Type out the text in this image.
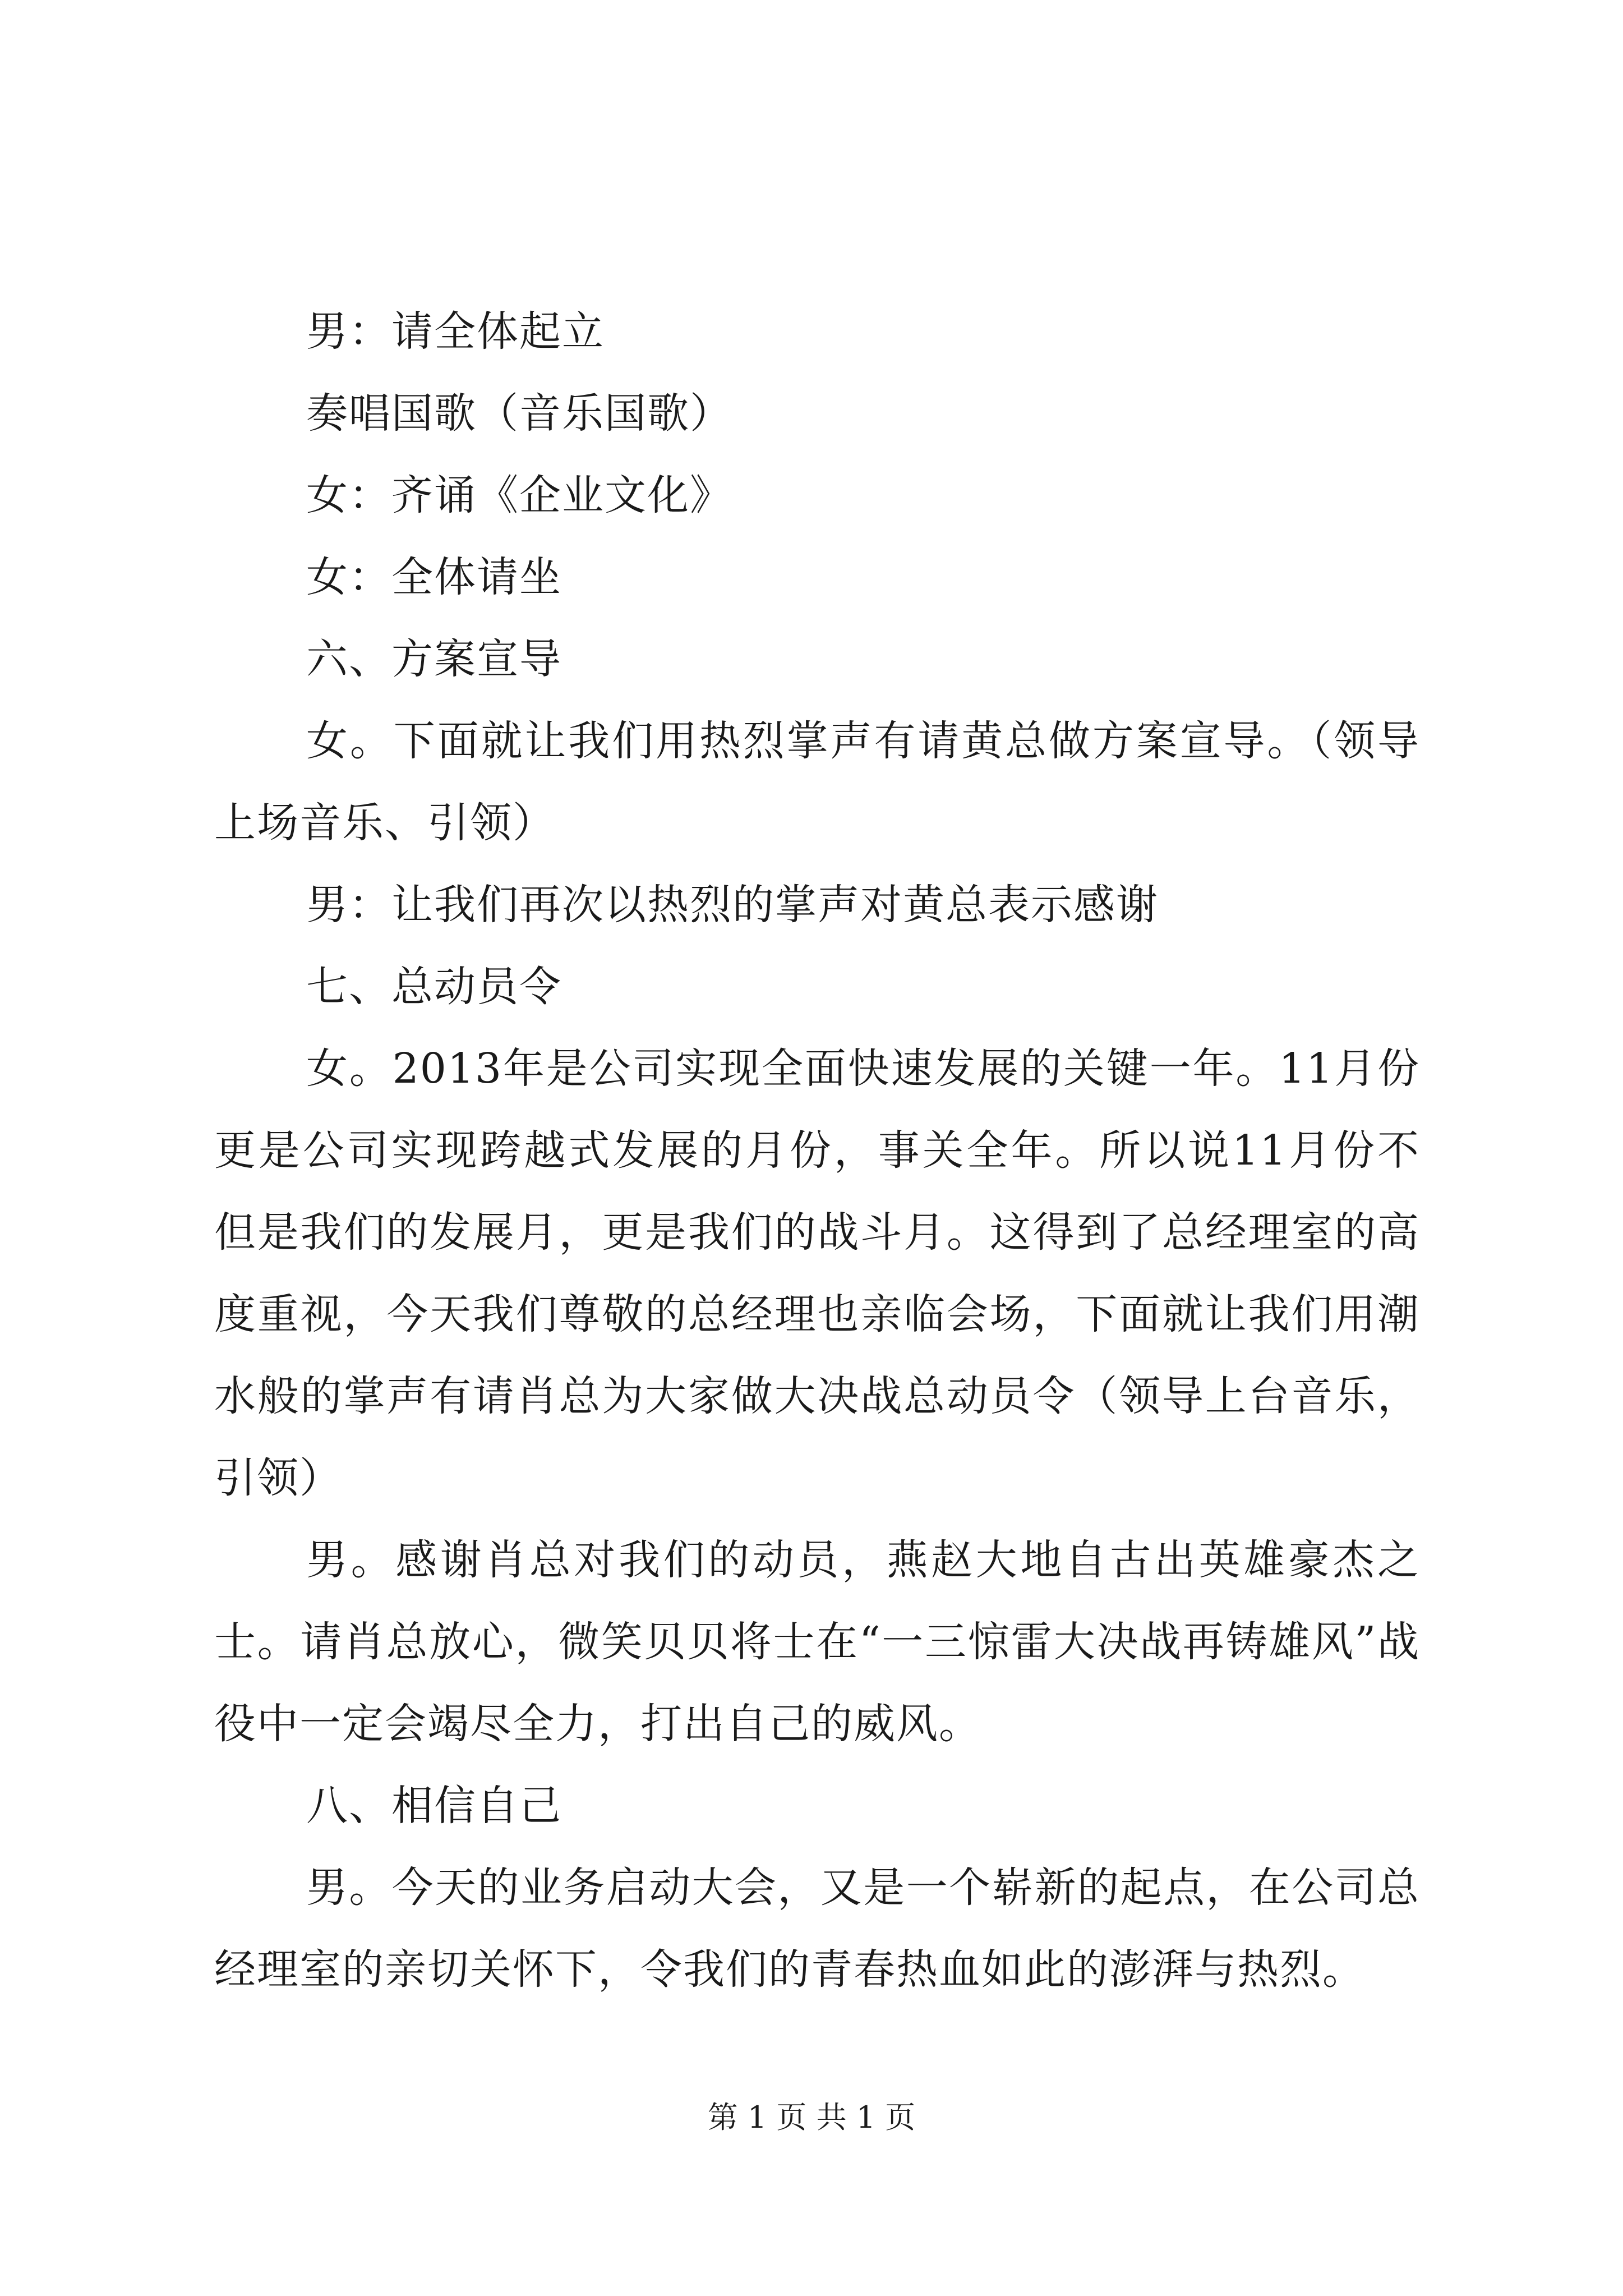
男：请全体起立

奏唱国歌（音乐国歌）

女：齐诵《企业文化》

女：全体请坐

六、方案宣导

女。下面就让我们用热烈掌声有请黄总做方案宣导。（领导上场音乐、引领）

男：让我们再次以热烈的掌声对黄总表示感谢

七、总动员令

女。2013年是公司实现全面快速发展的关键一年。11月份更是公司实现跨越式发展的月份，事关全年。所以说11月份不但是我们的发展月，更是我们的战斗月。这得到了总经理室的高度重视，今天我们尊敬的总经理也亲临会场，下面就让我们用潮水般的掌声有请肖总为大家做大决战总动员令（领导上台音乐，引领）

男。感谢肖总对我们的动员，燕赵大地自古出英雄豪杰之士。请肖总放心，微笑贝贝将士在“一三惊雷大决战再铸雄风”战役中一定会竭尽全力，打出自己的威风。

八、相信自己

男。今天的业务启动大会，又是一个崭新的起点，在公司总经理室的亲切关怀下，令我们的青春热血如此的澎湃与热烈。

第 1 页 共 1 页
